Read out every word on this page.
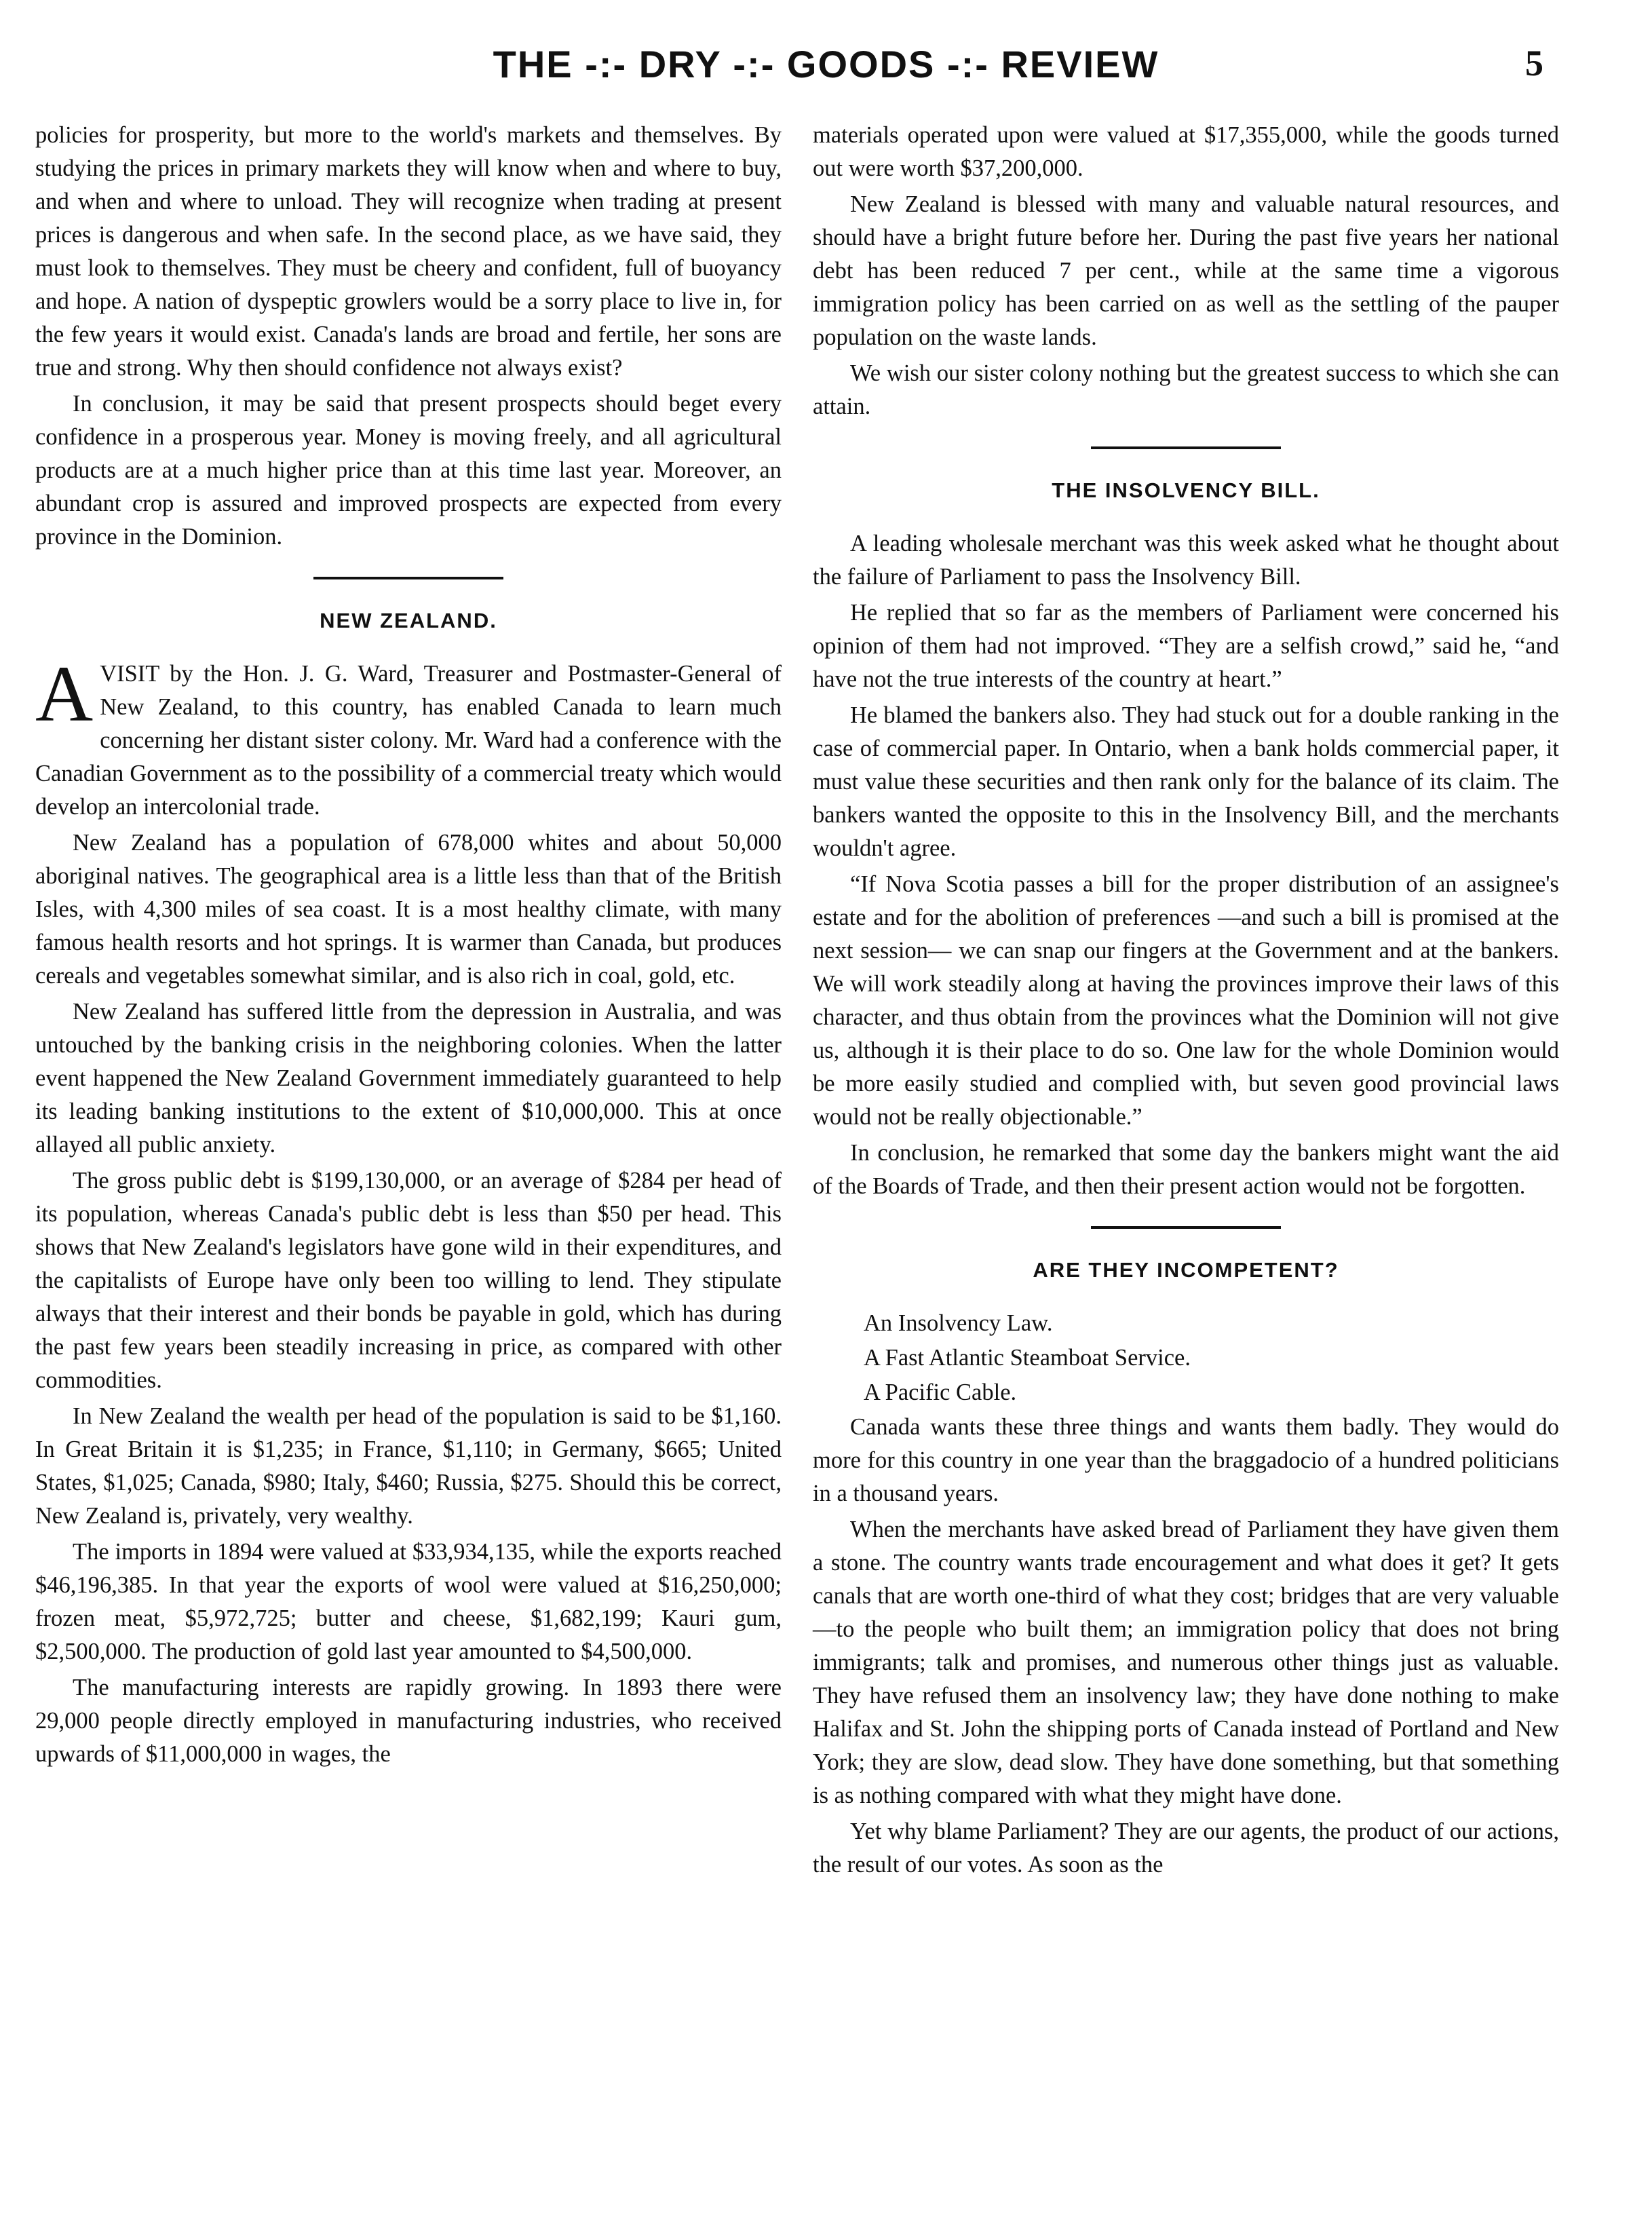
THE -:- DRY -:- GOODS -:- REVIEW	5

policies for prosperity, but more to the world's markets and themselves. By studying the prices in primary markets they will know when and where to buy, and when and where to unload. They will recognize when trading at present prices is dangerous and when safe. In the second place, as we have said, they must look to themselves. They must be cheery and confident, full of buoyancy and hope. A nation of dyspeptic growlers would be a sorry place to live in, for the few years it would exist. Canada's lands are broad and fertile, her sons are true and strong. Why then should confidence not always exist?

In conclusion, it may be said that present prospects should beget every confidence in a prosperous year. Money is moving freely, and all agricultural products are at a much higher price than at this time last year. Moreover, an abundant crop is assured and improved prospects are expected from every province in the Dominion.

NEW ZEALAND.

AVISIT by the Hon. J. G. Ward, Treasurer and Postmaster-General of New Zealand, to this country, has enabled Canada to learn much concerning her distant sister colony. Mr. Ward had a conference with the Canadian Government as to the possibility of a commercial treaty which would develop an intercolonial trade.

New Zealand has a population of 678,000 whites and about 50,000 aboriginal natives. The geographical area is a little less than that of the British Isles, with 4,300 miles of sea coast. It is a most healthy climate, with many famous health resorts and hot springs. It is warmer than Canada, but produces cereals and vegetables somewhat similar, and is also rich in coal, gold, etc.

New Zealand has suffered little from the depression in Australia, and was untouched by the banking crisis in the neighboring colonies. When the latter event happened the New Zealand Government immediately guaranteed to help its leading banking institutions to the extent of $10,000,000. This at once allayed all public anxiety.

The gross public debt is $199,130,000, or an average of $284 per head of its population, whereas Canada's public debt is less than $50 per head. This shows that New Zealand's legislators have gone wild in their expenditures, and the capitalists of Europe have only been too willing to lend. They stipulate always that their interest and their bonds be payable in gold, which has during the past few years been steadily increasing in price, as compared with other commodities.

In New Zealand the wealth per head of the population is said to be $1,160. In Great Britain it is $1,235; in France, $1,110; in Germany, $665; United States, $1,025; Canada, $980; Italy, $460; Russia, $275. Should this be correct, New Zealand is, privately, very wealthy.

The imports in 1894 were valued at $33,934,135, while the exports reached $46,196,385. In that year the exports of wool were valued at $16,250,000; frozen meat, $5,972,725; butter and cheese, $1,682,199; Kauri gum, $2,500,000. The production of gold last year amounted to $4,500,000.

The manufacturing interests are rapidly growing. In 1893 there were 29,000 people directly employed in manufacturing industries, who received upwards of $11,000,000 in wages, the

materials operated upon were valued at $17,355,000, while the goods turned out were worth $37,200,000.

New Zealand is blessed with many and valuable natural resources, and should have a bright future before her. During the past five years her national debt has been reduced 7 per cent., while at the same time a vigorous immigration policy has been carried on as well as the settling of the pauper population on the waste lands.

We wish our sister colony nothing but the greatest success to which she can attain.

THE INSOLVENCY BILL.

A leading wholesale merchant was this week asked what he thought about the failure of Parliament to pass the Insolvency Bill.

He replied that so far as the members of Parliament were concerned his opinion of them had not improved. “They are a selfish crowd,” said he, “and have not the true interests of the country at heart.”

He blamed the bankers also. They had stuck out for a double ranking in the case of commercial paper. In Ontario, when a bank holds commercial paper, it must value these securities and then rank only for the balance of its claim. The bankers wanted the opposite to this in the Insolvency Bill, and the merchants wouldn't agree.

“If Nova Scotia passes a bill for the proper distribution of an assignee's estate and for the abolition of preferences —and such a bill is promised at the next session— we can snap our fingers at the Government and at the bankers. We will work steadily along at having the provinces improve their laws of this character, and thus obtain from the provinces what the Dominion will not give us, although it is their place to do so. One law for the whole Dominion would be more easily studied and complied with, but seven good provincial laws would not be really objectionable.”

In conclusion, he remarked that some day the bankers might want the aid of the Boards of Trade, and then their present action would not be forgotten.

ARE THEY INCOMPETENT?

An Insolvency Law.

A Fast Atlantic Steamboat Service.

A Pacific Cable.

Canada wants these three things and wants them badly. They would do more for this country in one year than the braggadocio of a hundred politicians in a thousand years.

When the merchants have asked bread of Parliament they have given them a stone. The country wants trade encouragement and what does it get? It gets canals that are worth one-third of what they cost; bridges that are very valuable—to the people who built them; an immigration policy that does not bring immigrants; talk and promises, and numerous other things just as valuable. They have refused them an insolvency law; they have done nothing to make Halifax and St. John the shipping ports of Canada instead of Portland and New York; they are slow, dead slow. They have done something, but that something is as nothing compared with what they might have done.

Yet why blame Parliament? They are our agents, the product of our actions, the result of our votes. As soon as the
